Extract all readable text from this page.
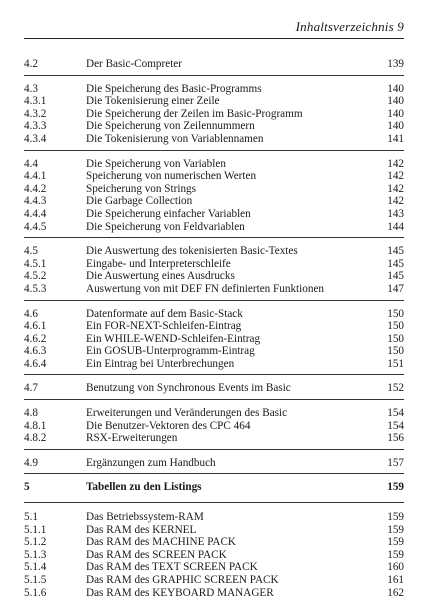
Inhaltsverzeichnis 9
4.2	Der Basic-Compreter	139
4.3	Die Speicherung des Basic-Programms	140
4.3.1	Die Tokenisierung einer Zeile	140
4.3.2	Die Speicherung der Zeilen im Basic-Programm	140
4.3.3	Die Speicherung von Zeilennummern	140
4.3.4	Die Tokenisierung von Variablennamen	141
4.4	Die Speicherung von Variablen	142
4.4.1	Speicherung von numerischen Werten	142
4.4.2	Speicherung von Strings	142
4.4.3	Die Garbage Collection	142
4.4.4	Die Speicherung einfacher Variablen	143
4.4.5	Die Speicherung von Feldvariablen	144
4.5	Die Auswertung des tokenisierten Basic-Textes	145
4.5.1	Eingabe- und Interpreterschleife	145
4.5.2	Die Auswertung eines Ausdrucks	145
4.5.3	Auswertung von mit DEF FN definierten Funktionen	147
4.6	Datenformate auf dem Basic-Stack	150
4.6.1	Ein FOR-NEXT-Schleifen-Eintrag	150
4.6.2	Ein WHILE-WEND-Schleifen-Eintrag	150
4.6.3	Ein GOSUB-Unterprogramm-Eintrag	150
4.6.4	Ein Eintrag bei Unterbrechungen	151
4.7	Benutzung von Synchronous Events im Basic	152
4.8	Erweiterungen und Veränderungen des Basic	154
4.8.1	Die Benutzer-Vektoren des CPC 464	154
4.8.2	RSX-Erweiterungen	156
4.9	Ergänzungen zum Handbuch	157
5	Tabellen zu den Listings	159
5.1	Das Betriebssystem-RAM	159
5.1.1	Das RAM des KERNEL	159
5.1.2	Das RAM des MACHINE PACK	159
5.1.3	Das RAM des SCREEN PACK	159
5.1.4	Das RAM des TEXT SCREEN PACK	160
5.1.5	Das RAM des GRAPHIC SCREEN PACK	161
5.1.6	Das RAM des KEYBOARD MANAGER	162
